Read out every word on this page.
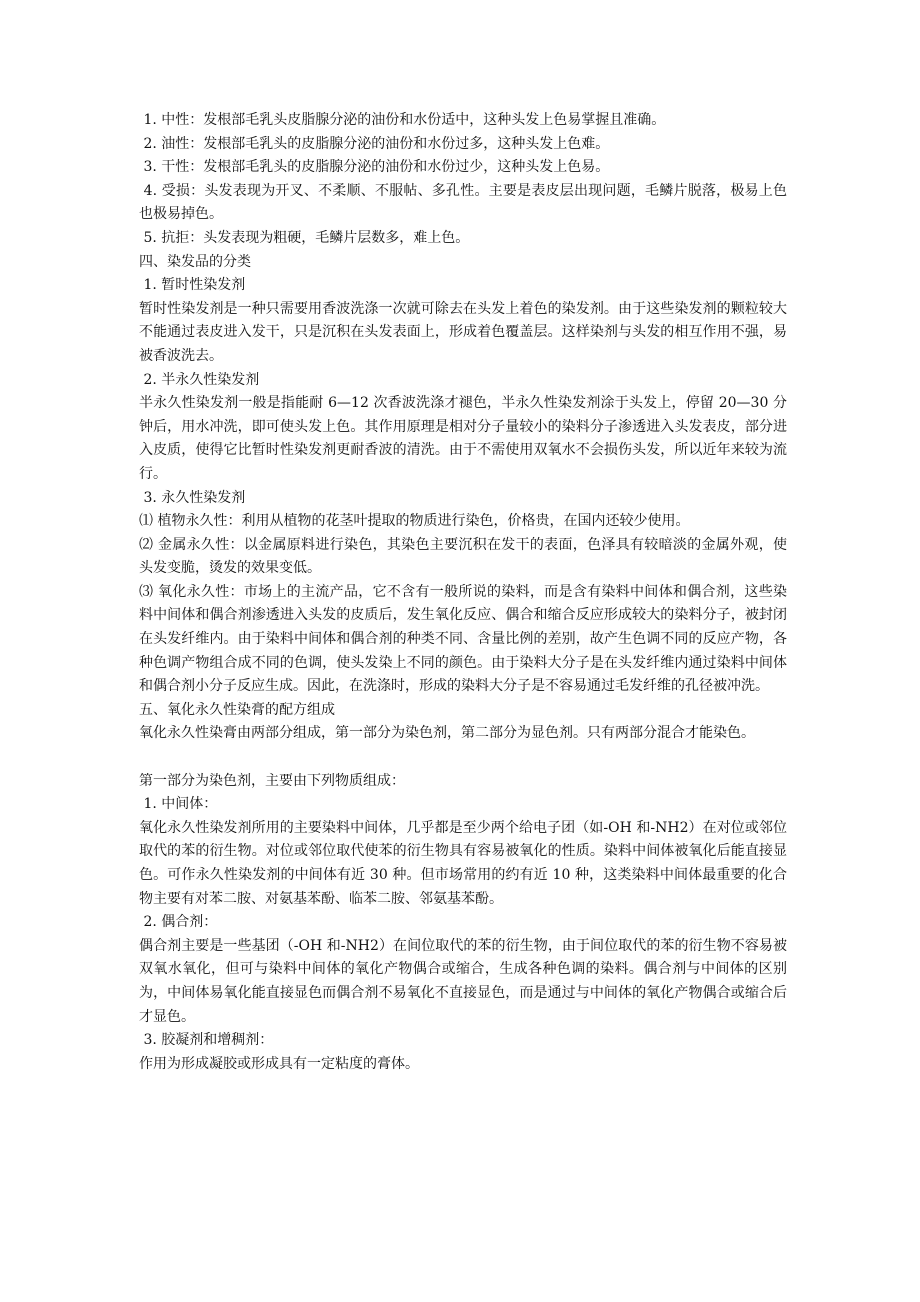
1. 中性：发根部毛乳头皮脂腺分泌的油份和水份适中，这种头发上色易掌握且准确。

2. 油性：发根部毛乳头的皮脂腺分泌的油份和水份过多，这种头发上色难。

3. 干性：发根部毛乳头的皮脂腺分泌的油份和水份过少，这种头发上色易。

4. 受损：头发表现为开叉、不柔顺、不服帖、多孔性。主要是表皮层出现问题，毛鳞片脱落，极易上色也极易掉色。

5. 抗拒：头发表现为粗硬，毛鳞片层数多，难上色。

四、染发品的分类

1. 暂时性染发剂

暂时性染发剂是一种只需要用香波洗涤一次就可除去在头发上着色的染发剂。由于这些染发剂的颗粒较大不能通过表皮进入发干，只是沉积在头发表面上，形成着色覆盖层。这样染剂与头发的相互作用不强，易被香波洗去。

2. 半永久性染发剂

半永久性染发剂一般是指能耐 6—12 次香波洗涤才褪色，半永久性染发剂涂于头发上，停留 20—30 分钟后，用水冲洗，即可使头发上色。其作用原理是相对分子量较小的染料分子渗透进入头发表皮，部分进入皮质，使得它比暂时性染发剂更耐香波的清洗。由于不需使用双氧水不会损伤头发，所以近年来较为流行。

3. 永久性染发剂

⑴ 植物永久性：利用从植物的花茎叶提取的物质进行染色，价格贵，在国内还较少使用。

⑵ 金属永久性：以金属原料进行染色，其染色主要沉积在发干的表面，色泽具有较暗淡的金属外观，使头发变脆，烫发的效果变低。

⑶ 氧化永久性：市场上的主流产品，它不含有一般所说的染料，而是含有染料中间体和偶合剂，这些染料中间体和偶合剂渗透进入头发的皮质后，发生氧化反应、偶合和缩合反应形成较大的染料分子，被封闭在头发纤维内。由于染料中间体和偶合剂的种类不同、含量比例的差别，故产生色调不同的反应产物，各种色调产物组合成不同的色调，使头发染上不同的颜色。由于染料大分子是在头发纤维内通过染料中间体和偶合剂小分子反应生成。因此，在洗涤时，形成的染料大分子是不容易通过毛发纤维的孔径被冲洗。

五、氧化永久性染膏的配方组成

氧化永久性染膏由两部分组成，第一部分为染色剂，第二部分为显色剂。只有两部分混合才能染色。

第一部分为染色剂，主要由下列物质组成：

1. 中间体：

氧化永久性染发剂所用的主要染料中间体，几乎都是至少两个给电子团（如-OH 和-NH2）在对位或邻位取代的苯的衍生物。对位或邻位取代使苯的衍生物具有容易被氧化的性质。染料中间体被氧化后能直接显色。可作永久性染发剂的中间体有近 30 种。但市场常用的约有近 10 种，这类染料中间体最重要的化合物主要有对苯二胺、对氨基苯酚、临苯二胺、邻氨基苯酚。

2. 偶合剂：

偶合剂主要是一些基团（-OH 和-NH2）在间位取代的苯的衍生物，由于间位取代的苯的衍生物不容易被双氧水氧化，但可与染料中间体的氧化产物偶合或缩合，生成各种色调的染料。偶合剂与中间体的区别为，中间体易氧化能直接显色而偶合剂不易氧化不直接显色，而是通过与中间体的氧化产物偶合或缩合后才显色。

3. 胶凝剂和增稠剂：

作用为形成凝胶或形成具有一定粘度的膏体。
